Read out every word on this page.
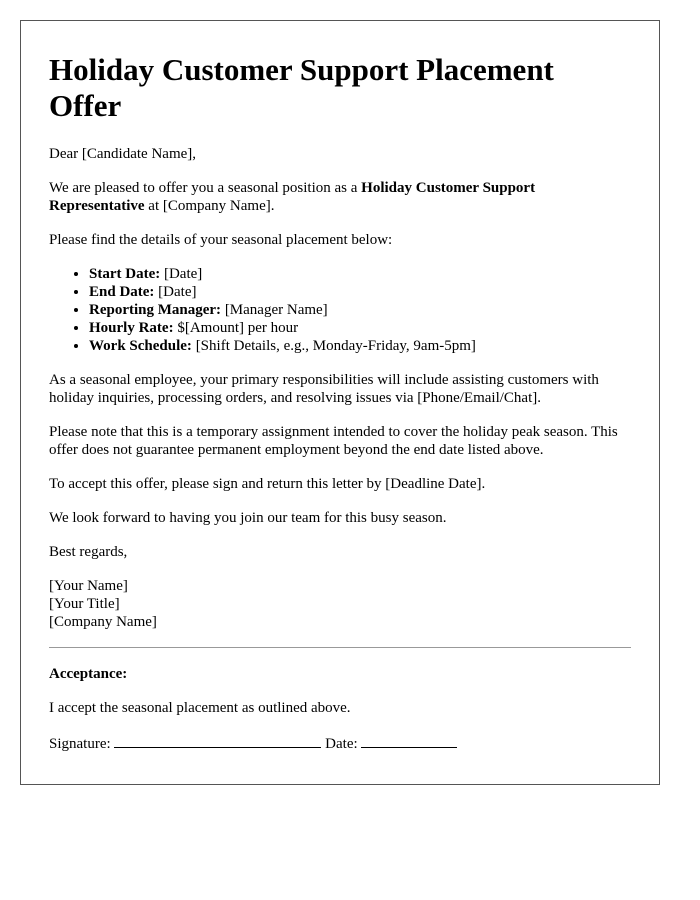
Holiday Customer Support Placement Offer

Dear [Candidate Name],

We are pleased to offer you a seasonal position as a Holiday Customer Support Representative at [Company Name].

Please find the details of your seasonal placement below:

• Start Date: [Date]
• End Date: [Date]
• Reporting Manager: [Manager Name]
• Hourly Rate: $[Amount] per hour
• Work Schedule: [Shift Details, e.g., Monday-Friday, 9am-5pm]

As a seasonal employee, your primary responsibilities will include assisting customers with holiday inquiries, processing orders, and resolving issues via [Phone/Email/Chat].

Please note that this is a temporary assignment intended to cover the holiday peak season. This offer does not guarantee permanent employment beyond the end date listed above.

To accept this offer, please sign and return this letter by [Deadline Date].

We look forward to having you join our team for this busy season.

Best regards,

[Your Name]
[Your Title]
[Company Name]

Acceptance:

I accept the seasonal placement as outlined above.

Signature:	Date:
